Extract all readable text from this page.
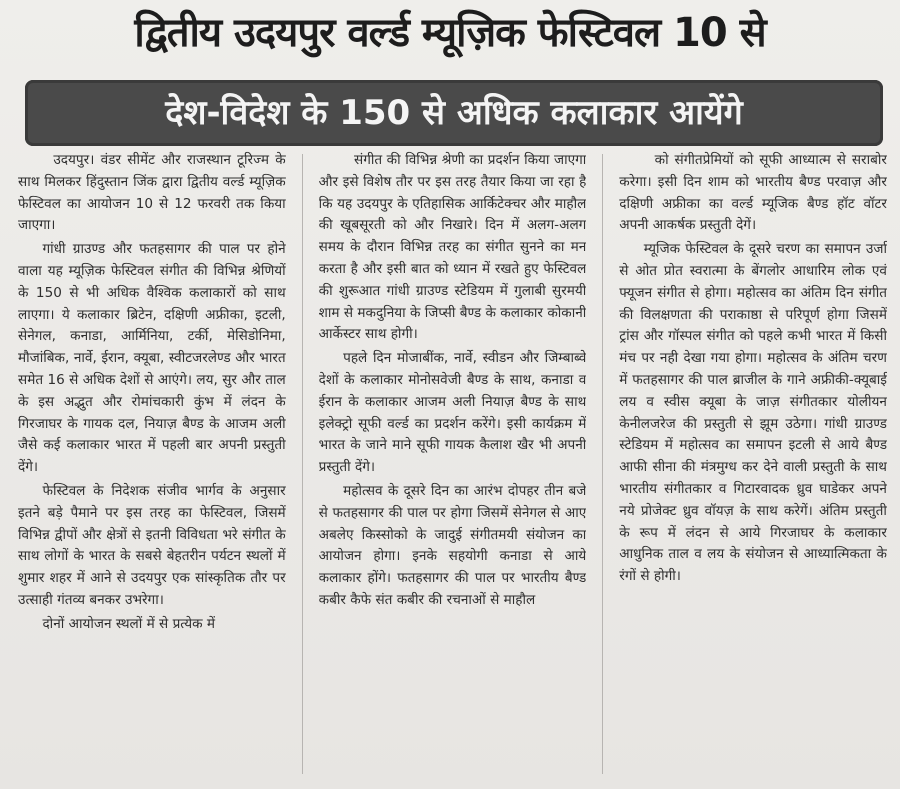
द्वितीय उदयपुर वर्ल्ड म्यूज़िक फेस्टिवल 10 से
देश-विदेश के 150 से अधिक कलाकार आयेंगे

उदयपुर। वंडर सीमेंट और राजस्थान टूरिज्म के साथ मिलकर हिंदुस्तान जिंक द्वारा द्वितीय वर्ल्ड म्यूज़िक फेस्टिवल का आयोजन 10 से 12 फरवरी तक किया जाएगा।

गांधी ग्राउण्ड और फतहसागर की पाल पर होने वाला यह म्यूज़िक फेस्टिवल संगीत की विभिन्न श्रेणियों के 150 से भी अधिक वैश्विक कलाकारों को साथ लाएगा। ये कलाकार ब्रिटेन, दक्षिणी अफ्रीका, इटली, सेनेगल, कनाडा, आर्मिनिया, टर्की, मेसिडोनिमा, मौजांबिक, नार्वे, ईरान, क्यूबा, स्वीटजरलेण्ड और भारत समेत 16 से अधिक देशों से आएंगे। लय, सुर और ताल के इस अद्भुत और रोमांचकारी कुंभ में लंदन के गिरजाघर के गायक दल, नियाज़ बैण्ड के आजम अली जैसे कई कलाकार भारत में पहली बार अपनी प्रस्तुती देंगे।

फेस्टिवल के निदेशक संजीव भार्गव के अनुसार इतने बड़े पैमाने पर इस तरह का फेस्टिवल, जिसमें विभिन्न द्वीपों और क्षेत्रों से इतनी विविधता भरे संगीत के साथ लोगों के भारत के सबसे बेहतरीन पर्यटन स्थलों में शुमार शहर में आने से उदयपुर एक सांस्कृतिक तौर पर उत्साही गंतव्य बनकर उभरेगा।

दोनों आयोजन स्थलों में से प्रत्येक में

संगीत की विभिन्न श्रेणी का प्रदर्शन किया जाएगा और इसे विशेष तौर पर इस तरह तैयार किया जा रहा है कि यह उदयपुर के एतिहासिक आर्किटेक्चर और माहौल की खूबसूरती को और निखारे। दिन में अलग-अलग समय के दौरान विभिन्न तरह का संगीत सुनने का मन करता है और इसी बात को ध्यान में रखते हुए फेस्टिवल की शुरूआत गांधी ग्राउण्ड स्टेडियम में गुलाबी सुरमयी शाम से मकदुनिया के जिप्सी बैण्ड के कलाकार कोकानी आर्केस्टर साथ होगी।

पहले दिन मोजाबींक, नार्वे, स्वीडन और जिम्बाब्वे देशों के कलाकार मोनोसवेजी बैण्ड के साथ, कनाडा व ईरान के कलाकार आजम अली नियाज़ बैण्ड के साथ इलेक्ट्रो सूफी वर्ल्ड का प्रदर्शन करेंगे। इसी कार्यक्रम में भारत के जाने माने सूफी गायक कैलाश खैर भी अपनी प्रस्तुती देंगे।

महोत्सव के दूसरे दिन का आरंभ दोपहर तीन बजे से फतहसागर की पाल पर होगा जिसमें सेनेगल से आए अबलेए किस्सोको के जादुई संगीतमयी संयोजन का आयोजन होगा। इनके सहयोगी कनाडा से आये कलाकार होंगे। फतहसागर की पाल पर भारतीय बैण्ड कबीर कैफे संत कबीर की रचनाओं से माहौल

को संगीतप्रेमियों को सूफी आध्यात्म से सराबोर करेगा। इसी दिन शाम को भारतीय बैण्ड परवाज़ और दक्षिणी अफ्रीका का वर्ल्ड म्यूजिक बैण्ड हॉट वॉटर अपनी आकर्षक प्रस्तुती देगें।

म्यूजिक फेस्टिवल के दूसरे चरण का समापन उर्जा से ओत प्रोत स्वरात्मा के बेंगलोर आधारिम लोक एवं फ्यूजन संगीत से होगा। महोत्सव का अंतिम दिन संगीत की विलक्षणता की पराकाष्ठा से परिपूर्ण होगा जिसमें ट्रांस और गॉस्पल संगीत को पहले कभी भारत में किसी मंच पर नही देखा गया होगा। महोत्सव के अंतिम चरण में फतहसागर की पाल ब्राजील के गाने अफ्रीकी-क्यूबाई लय व स्वीस क्यूबा के जाज़ संगीतकार योलीयन केनीलजरेज की प्रस्तुती से झूम उठेगा। गांधी ग्राउण्ड स्टेडियम में महोत्सव का समापन इटली से आये बैण्ड आफी सीना की मंत्रमुग्ध कर देने वाली प्रस्तुती के साथ भारतीय संगीतकार व गिटारवादक ध्रुव घाडेकर अपने नये प्रोजेक्ट ध्रुव वॉयज़ के साथ करेगें। अंतिम प्रस्तुती के रूप में लंदन से आये गिरजाघर के कलाकार आधुनिक ताल व लय के संयोजन से आध्यात्मिकता के रंगों से होगी।
